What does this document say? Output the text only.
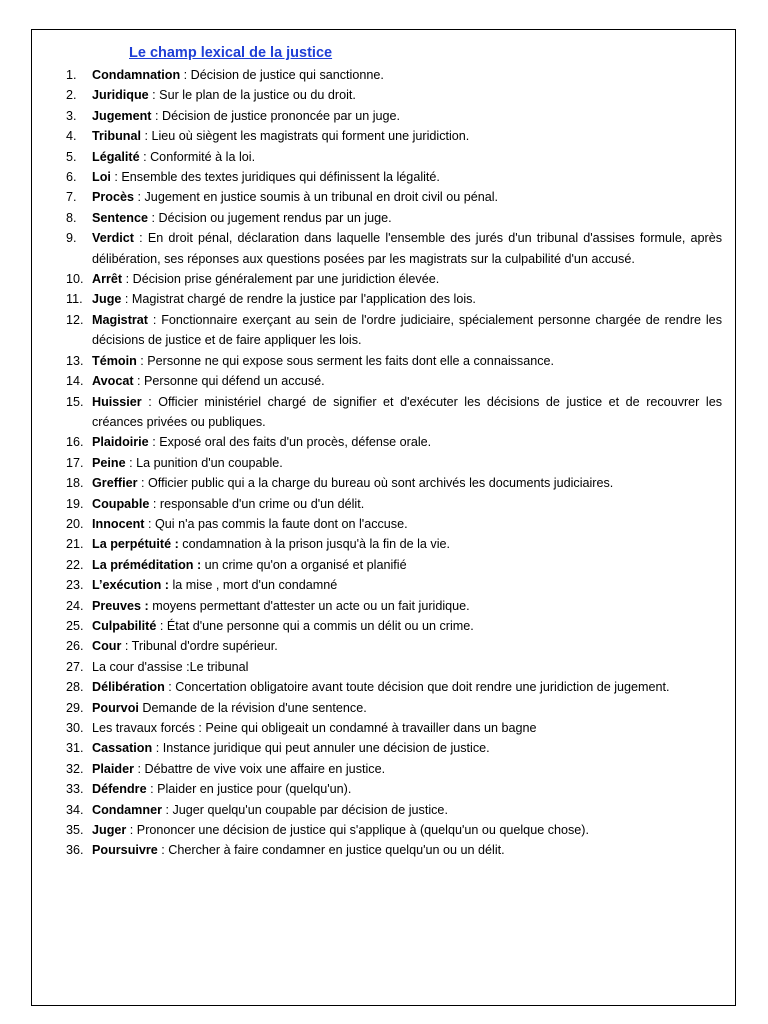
Le champ lexical de la justice
1.	Condamnation : Décision de justice qui sanctionne.
2.	Juridique : Sur le plan de la justice ou du droit.
3.	Jugement : Décision de justice prononcée par un juge.
4.	Tribunal : Lieu où siègent les magistrats qui forment une juridiction.
5.	Légalité : Conformité à la loi.
6.	Loi : Ensemble des textes juridiques qui définissent la légalité.
7.	Procès : Jugement en justice soumis à un tribunal en droit civil ou pénal.
8.	Sentence : Décision ou jugement rendus par un juge.
9.	Verdict : En droit pénal, déclaration dans laquelle l'ensemble des jurés d'un tribunal d'assises formule, après délibération, ses réponses aux questions posées par les magistrats sur la culpabilité d'un accusé.
10. Arrêt : Décision prise généralement par une juridiction élevée.
11. Juge : Magistrat chargé de rendre la justice par l'application des lois.
12. Magistrat : Fonctionnaire exerçant au sein de l'ordre judiciaire, spécialement personne chargée de rendre les décisions de justice et de faire appliquer les lois.
13. Témoin : Personne ne qui expose sous serment les faits dont elle a connaissance.
14. Avocat : Personne qui défend un accusé.
15. Huissier : Officier ministériel chargé de signifier et d'exécuter les décisions de justice et de recouvrer les créances privées ou publiques.
16. Plaidoirie : Exposé oral des faits d'un procès, défense orale.
17. Peine : La punition d'un coupable.
18. Greffier : Officier public qui a la charge du bureau où sont archivés les documents judiciaires.
19. Coupable : responsable d'un crime ou d'un délit.
20. Innocent : Qui n'a pas commis la faute dont on l'accuse.
21. La perpétuité : condamnation à la prison jusqu'à la fin de la vie.
22. La préméditation : un crime qu'on a organisé et planifié
23. L’exécution : la mise , mort d'un condamné
24. Preuves : moyens permettant d'attester un acte ou un fait juridique.
25. Culpabilité : État d'une personne qui a commis un délit ou un crime.
26. Cour : Tribunal d'ordre supérieur.
27. La cour d'assise :Le tribunal
28. Délibération : Concertation obligatoire avant toute décision que doit rendre une juridiction de jugement.
29. Pourvoi Demande de la révision d'une sentence.
30. Les travaux forcés : Peine qui obligeait un condamné à travailler dans un bagne
31. Cassation : Instance juridique qui peut annuler une décision de justice.
32. Plaider : Débattre de vive voix une affaire en justice.
33. Défendre : Plaider en justice pour (quelqu'un).
34. Condamner : Juger quelqu'un coupable par décision de justice.
35. Juger : Prononcer une décision de justice qui s'applique à (quelqu'un ou quelque chose).
36. Poursuivre : Chercher à faire condamner en justice quelqu'un ou un délit.
